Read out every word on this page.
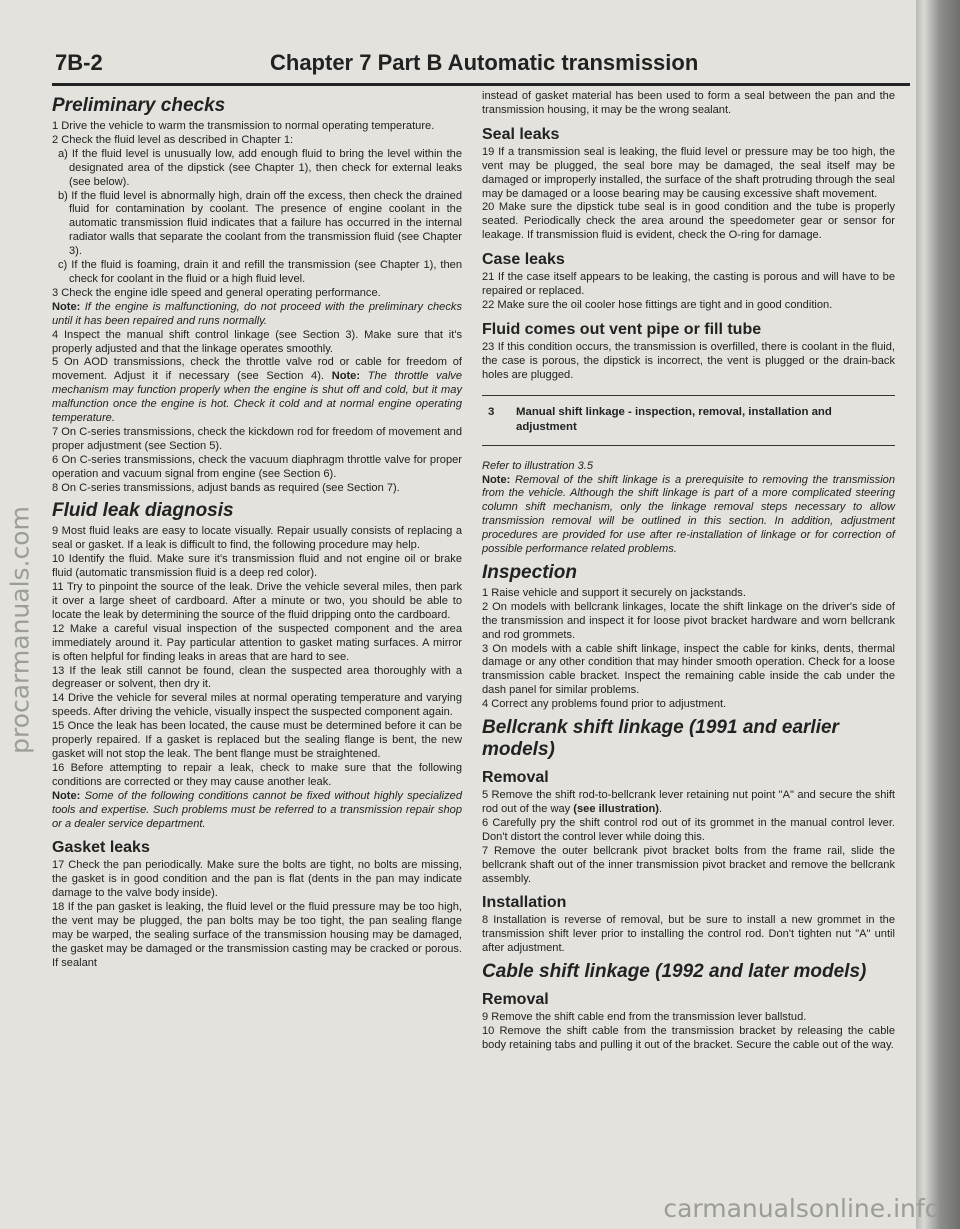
procarmanuals.com
carmanualsonline.info
7B-2	Chapter 7 Part B Automatic transmission
Preliminary checks

1 Drive the vehicle to warm the transmission to normal operating temperature.

2 Check the fluid level as described in Chapter 1:

a) If the fluid level is unusually low, add enough fluid to bring the level within the designated area of the dipstick (see Chapter 1), then check for external leaks (see below).

b) If the fluid level is abnormally high, drain off the excess, then check the drained fluid for contamination by coolant. The presence of engine coolant in the automatic transmission fluid indicates that a failure has occurred in the internal radiator walls that separate the coolant from the transmission fluid (see Chapter 3).

c) If the fluid is foaming, drain it and refill the transmission (see Chapter 1), then check for coolant in the fluid or a high fluid level.

3 Check the engine idle speed and general operating performance.

Note: If the engine is malfunctioning, do not proceed with the preliminary checks until it has been repaired and runs normally.

4 Inspect the manual shift control linkage (see Section 3). Make sure that it's properly adjusted and that the linkage operates smoothly.

5 On AOD transmissions, check the throttle valve rod or cable for freedom of movement. Adjust it if necessary (see Section 4). Note: The throttle valve mechanism may function properly when the engine is shut off and cold, but it may malfunction once the engine is hot. Check it cold and at normal engine operating temperature.

7 On C-series transmissions, check the kickdown rod for freedom of movement and proper adjustment (see Section 5).

6 On C-series transmissions, check the vacuum diaphragm throttle valve for proper operation and vacuum signal from engine (see Section 6).

8 On C-series transmissions, adjust bands as required (see Section 7).

Fluid leak diagnosis

9 Most fluid leaks are easy to locate visually. Repair usually consists of replacing a seal or gasket. If a leak is difficult to find, the following procedure may help.

10 Identify the fluid. Make sure it's transmission fluid and not engine oil or brake fluid (automatic transmission fluid is a deep red color).

11 Try to pinpoint the source of the leak. Drive the vehicle several miles, then park it over a large sheet of cardboard. After a minute or two, you should be able to locate the leak by determining the source of the fluid dripping onto the cardboard.

12 Make a careful visual inspection of the suspected component and the area immediately around it. Pay particular attention to gasket mating surfaces. A mirror is often helpful for finding leaks in areas that are hard to see.

13 If the leak still cannot be found, clean the suspected area thoroughly with a degreaser or solvent, then dry it.

14 Drive the vehicle for several miles at normal operating temperature and varying speeds. After driving the vehicle, visually inspect the suspected component again.

15 Once the leak has been located, the cause must be determined before it can be properly repaired. If a gasket is replaced but the sealing flange is bent, the new gasket will not stop the leak. The bent flange must be straightened.

16 Before attempting to repair a leak, check to make sure that the following conditions are corrected or they may cause another leak.

Note: Some of the following conditions cannot be fixed without highly specialized tools and expertise. Such problems must be referred to a transmission repair shop or a dealer service department.

Gasket leaks

17 Check the pan periodically. Make sure the bolts are tight, no bolts are missing, the gasket is in good condition and the pan is flat (dents in the pan may indicate damage to the valve body inside).

18 If the pan gasket is leaking, the fluid level or the fluid pressure may be too high, the vent may be plugged, the pan bolts may be too tight, the pan sealing flange may be warped, the sealing surface of the transmission housing may be damaged, the gasket may be damaged or the transmission casting may be cracked or porous. If sealant

instead of gasket material has been used to form a seal between the pan and the transmission housing, it may be the wrong sealant.

Seal leaks

19 If a transmission seal is leaking, the fluid level or pressure may be too high, the vent may be plugged, the seal bore may be damaged, the seal itself may be damaged or improperly installed, the surface of the shaft protruding through the seal may be damaged or a loose bearing may be causing excessive shaft movement.

20 Make sure the dipstick tube seal is in good condition and the tube is properly seated. Periodically check the area around the speedometer gear or sensor for leakage. If transmission fluid is evident, check the O-ring for damage.

Case leaks

21 If the case itself appears to be leaking, the casting is porous and will have to be repaired or replaced.

22 Make sure the oil cooler hose fittings are tight and in good condition.

Fluid comes out vent pipe or fill tube

23 If this condition occurs, the transmission is overfilled, there is coolant in the fluid, the case is porous, the dipstick is incorrect, the vent is plugged or the drain-back holes are plugged.

3	Manual shift linkage - inspection, removal, installation and adjustment

Refer to illustration 3.5

Note: Removal of the shift linkage is a prerequisite to removing the transmission from the vehicle. Although the shift linkage is part of a more complicated steering column shift mechanism, only the linkage removal steps necessary to allow transmission removal will be outlined in this section. In addition, adjustment procedures are provided for use after re-installation of linkage or for correction of possible performance related problems.

Inspection

1 Raise vehicle and support it securely on jackstands.

2 On models with bellcrank linkages, locate the shift linkage on the driver's side of the transmission and inspect it for loose pivot bracket hardware and worn bellcrank and rod grommets.

3 On models with a cable shift linkage, inspect the cable for kinks, dents, thermal damage or any other condition that may hinder smooth operation. Check for a loose transmission cable bracket. Inspect the remaining cable inside the cab under the dash panel for similar problems.

4 Correct any problems found prior to adjustment.

Bellcrank shift linkage (1991 and earlier models)
Removal

5 Remove the shift rod-to-bellcrank lever retaining nut point "A" and secure the shift rod out of the way (see illustration).

6 Carefully pry the shift control rod out of its grommet in the manual control lever. Don't distort the control lever while doing this.

7 Remove the outer bellcrank pivot bracket bolts from the frame rail, slide the bellcrank shaft out of the inner transmission pivot bracket and remove the bellcrank assembly.

Installation

8 Installation is reverse of removal, but be sure to install a new grommet in the transmission shift lever prior to installing the control rod. Don't tighten nut "A" until after adjustment.

Cable shift linkage (1992 and later models)
Removal

9 Remove the shift cable end from the transmission lever ballstud.

10 Remove the shift cable from the transmission bracket by releasing the cable body retaining tabs and pulling it out of the bracket. Secure the cable out of the way.
